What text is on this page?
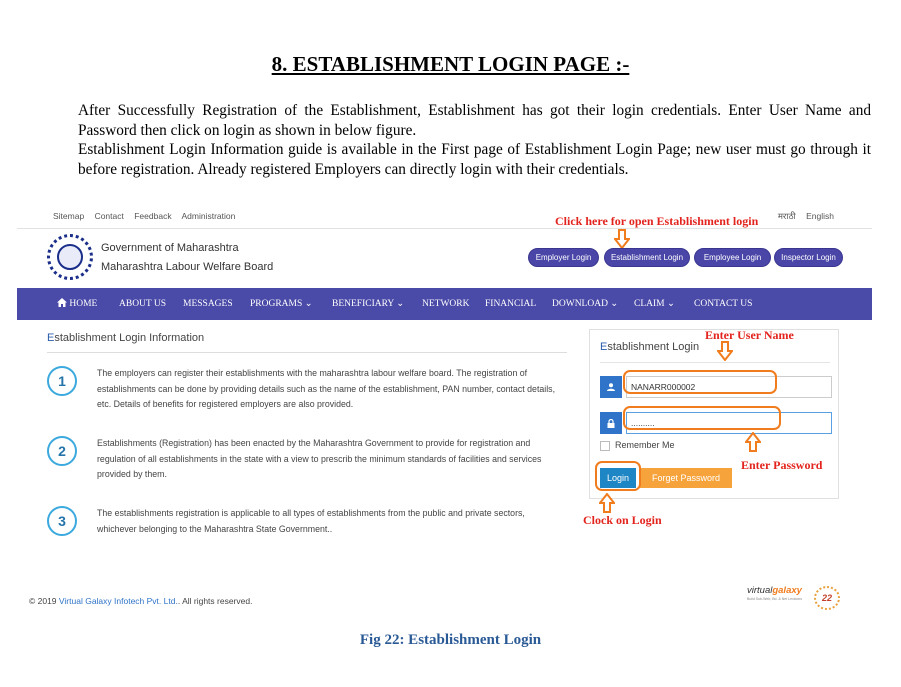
8. ESTABLISHMENT LOGIN PAGE :-

After Successfully Registration of the Establishment, Establishment has got their login credentials. Enter User Name and Password then click on login as shown in below figure.

Establishment Login Information guide is available in the First page of Establishment Login Page; new user must go through it before registration. Already registered Employers can directly login with their credentials.

Sitemap Contact Feedback Administration	मराठी English
Government of Maharashtra
Maharashtra Labour Welfare Board
Click here for open Establishment login
Employer Login	Establishment Login	Employee Login	Inspector Login
HOME ABOUT US MESSAGES PROGRAMS ⌄ BENEFICIARY ⌄ NETWORK FINANCIAL DOWNLOAD ⌄ CLAIM ⌄ CONTACT US
Establishment Login Information
1	The employers can register their establishments with the maharashtra labour welfare board. The registration of establishments can be done by providing details such as the name of the establishment, PAN number, contact details, etc. Details of benefits for registered employers are also provided.
2	Establishments (Registration) has been enacted by the Maharashtra Government to provide for registration and regulation of all establishments in the state with a view to prescrib the minimum standards of facilities and services provided by them.
3	The establishments registration is applicable to all types of establishments from the public and private sectors, whichever belonging to the Maharashtra State Government..
Establishment Login
NANARR000002
..........
Remember Me
Login	Forget Password
Enter User Name
Enter Password
Clock on Login
© 2019 Virtual Galaxy Infotech Pvt. Ltd.. All rights reserved.
virtualgalaxy
Build Sub-Web, Bd. & Net Lexicons	22
Fig 22: Establishment Login
